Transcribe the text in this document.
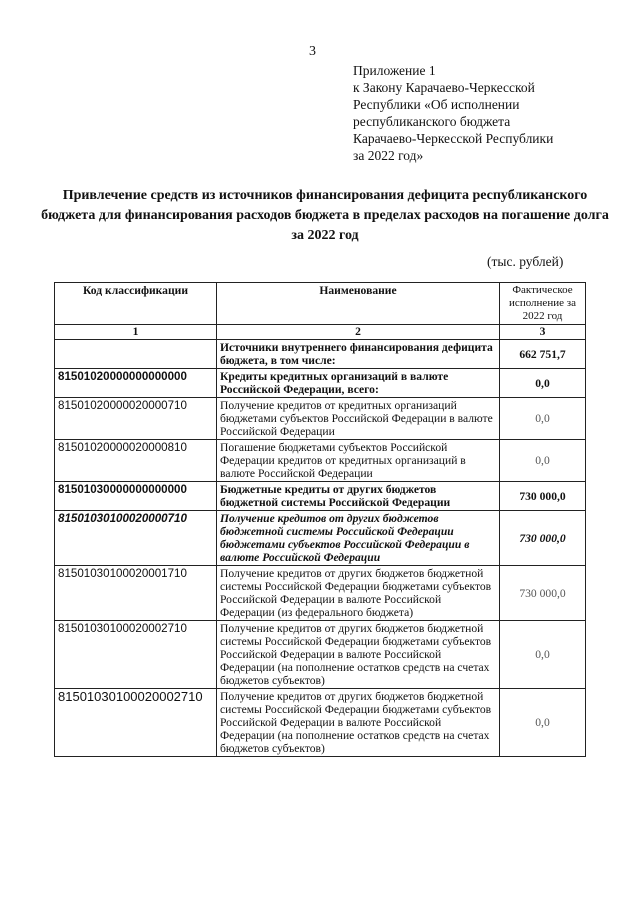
3
Приложение 1
к Закону Карачаево-Черкесской
Республики «Об исполнении
республиканского бюджета
Карачаево-Черкесской Республики
за 2022 год»
Привлечение средств из источников финансирования дефицита республиканского бюджета для финансирования расходов бюджета в пределах расходов на погашение долга за 2022 год
(тыс. рублей)
Код классификации	Наименование	Фактическое исполнение за 2022 год
1	2	3
	Источники внутреннего финансирования дефицита бюджета, в том числе:	662 751,7
81501020000000000000	Кредиты кредитных организаций в валюте Российской Федерации, всего:	0,0
81501020000020000710	Получение кредитов от кредитных организаций бюджетами субъектов Российской Федерации в валюте Российской Федерации	0,0
81501020000020000810	Погашение бюджетами субъектов Российской Федерации кредитов от кредитных организаций в валюте Российской Федерации	0,0
81501030000000000000	Бюджетные кредиты от других бюджетов бюджетной системы Российской Федерации	730 000,0
81501030100020000710	Получение кредитов от других бюджетов бюджетной системы Российской Федерации бюджетами субъектов Российской Федерации в валюте Российской Федерации	730 000,0
81501030100020001710	Получение кредитов от других бюджетов бюджетной системы Российской Федерации бюджетами субъектов Российской Федерации в валюте Российской Федерации (из федерального бюджета)	730 000,0
81501030100020002710	Получение кредитов от других бюджетов бюджетной системы Российской Федерации бюджетами субъектов Российской Федерации в валюте Российской Федерации (на пополнение остатков средств на счетах бюджетов субъектов)	0,0
81501030100020002710	Получение кредитов от других бюджетов бюджетной системы Российской Федерации бюджетами субъектов Российской Федерации в валюте Российской Федерации (на пополнение остатков средств на счетах бюджетов субъектов)	0,0
